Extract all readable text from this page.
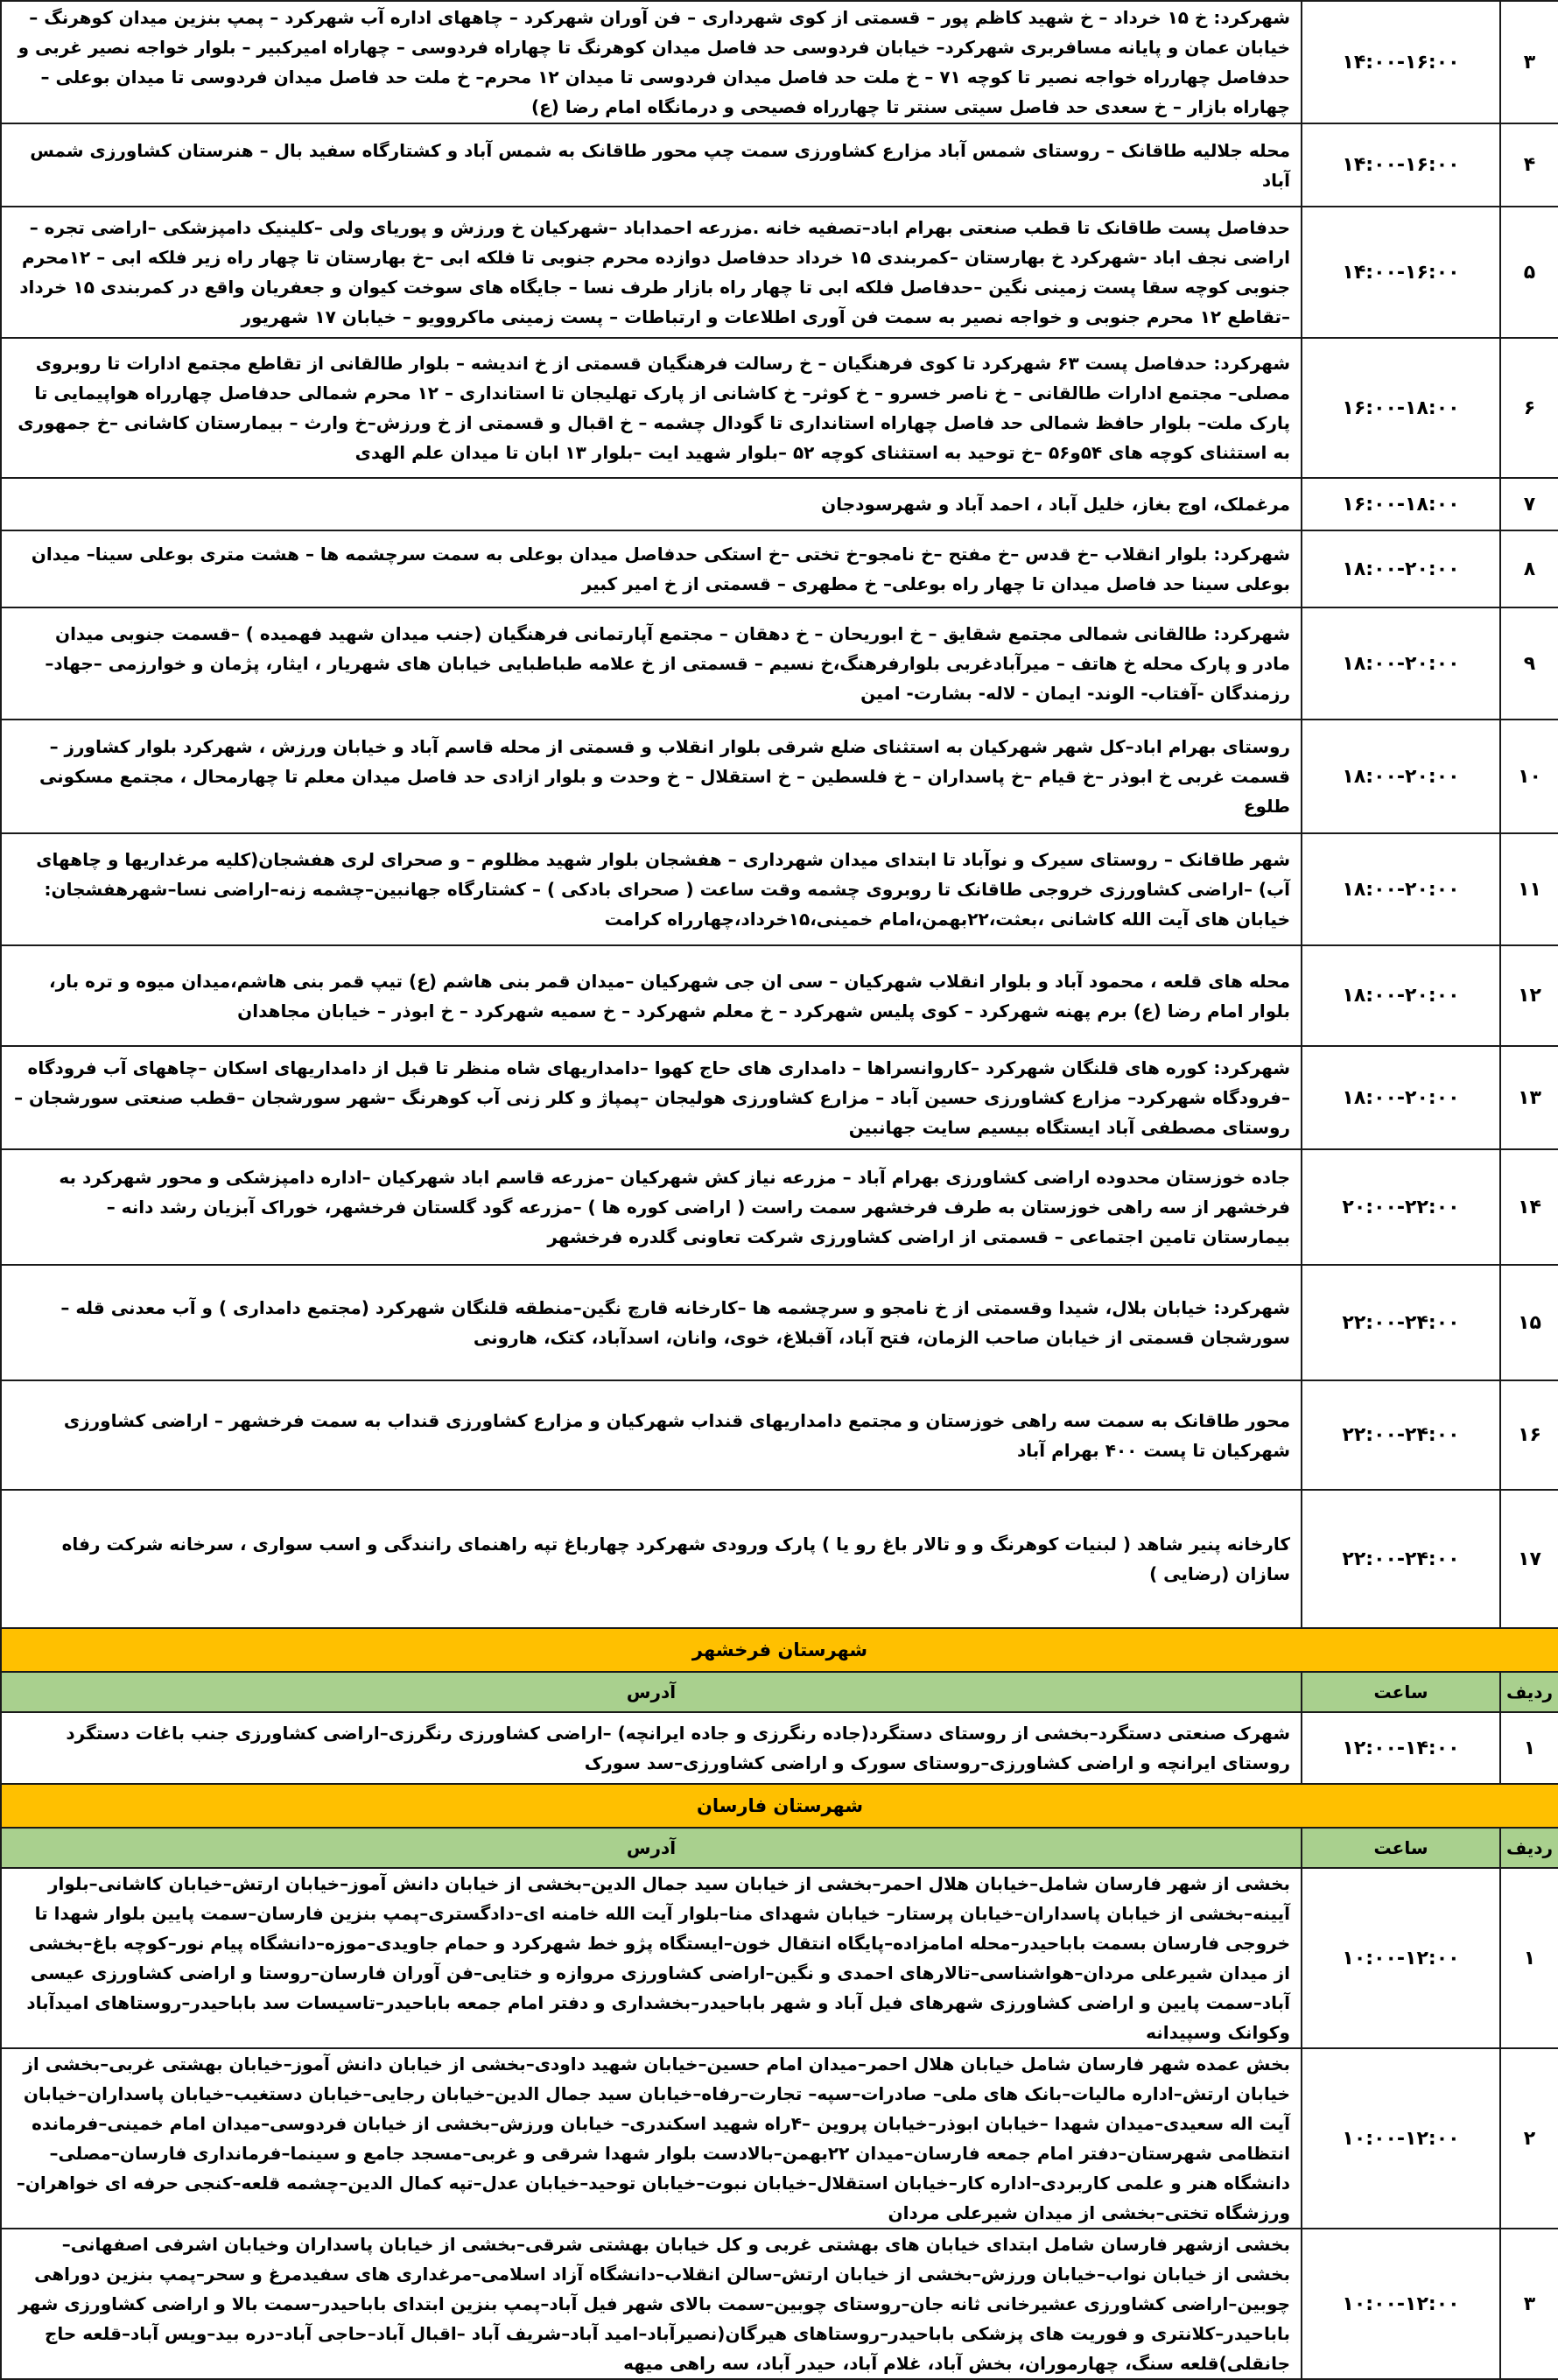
۳	۱۴:۰۰-۱۶:۰۰	شهرکرد: خ ۱۵ خرداد – خ شهید کاظم پور – قسمتی از کوی شهرداری – فن آوران شهرکرد – چاههای اداره آب شهرکرد – پمپ بنزین میدان کوهرنگ –خیابان عمان و پایانه مسافربری شهرکرد– خیابان فردوسی حد فاصل میدان کوهرنگ تا چهاراه فردوسی – چهاراه امیرکبیر – بلوار خواجه نصیر غربی و حدفاصل چهارراه خواجه نصیر تا کوچه ۷۱ – خ ملت حد فاصل میدان فردوسی تا میدان ۱۲ محرم– خ ملت حد فاصل میدان فردوسی تا میدان بوعلی – چهاراه بازار – خ سعدی حد فاصل سیتی سنتر تا چهارراه فصیحی و درمانگاه امام رضا (ع)
۴	۱۴:۰۰-۱۶:۰۰	محله جلالیه طاقانک – روستای شمس آباد مزارع کشاورزی سمت چپ محور طاقانک به شمس آباد و کشتارگاه سفید بال – هنرستان کشاورزی شمس آباد
۵	۱۴:۰۰-۱۶:۰۰	حدفاصل پست طاقانک تا قطب صنعتی بهرام اباد–تصفیه خانه .مزرعه احمداباد –شهرکیان خ ورزش و پوریای ولی –کلینیک دامپزشکی –اراضی تجره –اراضی نجف اباد -شهرکرد خ بهارستان –کمربندی ۱۵ خرداد حدفاصل دوازده محرم جنوبی تا فلکه ابی –خ بهارستان تا چهار راه زیر فلکه ابی – ۱۲محرم جنوبی کوچه سقا پست زمینی نگین –حدفاصل فلکه ابی تا چهار راه بازار طرف نسا – جایگاه های سوخت کیوان و جعفریان واقع در کمربندی ۱۵ خرداد –تقاطع ۱۲ محرم جنوبی و خواجه نصیر به سمت فن آوری اطلاعات و ارتباطات – پست زمینی ماکروویو – خیابان ۱۷ شهریور
۶	۱۶:۰۰-۱۸:۰۰	شهرکرد: حدفاصل پست ۶۳ شهرکرد تا کوی فرهنگیان – خ رسالت فرهنگیان قسمتی از خ اندیشه – بلوار طالقانی از تقاطع مجتمع ادارات تا روبروی مصلی– مجتمع ادارات طالقانی – خ ناصر خسرو – خ کوثر– خ کاشانی از پارک تهلیجان تا استانداری – ۱۲ محرم شمالی حدفاصل چهارراه هواپیمایی تا پارک ملت– بلوار حافظ شمالی حد فاصل چهاراه استانداری تا گودال چشمه – خ اقبال و قسمتی از خ ورزش–خ وارث – بیمارستان کاشانی –خ جمهوری به استثنای کوچه های ۵۴و۵۶ –خ توحید به استثنای کوچه ۵۲ –بلوار شهید ایت –بلوار ۱۳ ابان تا میدان علم الهدی
۷	۱۶:۰۰-۱۸:۰۰	مرغملک، اوج بغاز، خلیل آباد ، احمد آباد و شهرسودجان
۸	۱۸:۰۰-۲۰:۰۰	شهرکرد: بلوار انقلاب –خ قدس –خ مفتح –خ نامجو–خ تختی –خ استکی حدفاصل میدان بوعلی به سمت سرچشمه ها – هشت متری بوعلی سینا– میدان بوعلی سینا حد فاصل میدان تا چهار راه بوعلی– خ مطهری – قسمتی از خ امیر کبیر
۹	۱۸:۰۰-۲۰:۰۰	شهرکرد: طالقانی شمالی مجتمع شقایق – خ ابوریحان – خ دهقان – مجتمع آپارتمانی فرهنگیان (جنب میدان شهید فهمیده ) –قسمت جنوبی میدان مادر و پارک محله خ هاتف – میرآبادغربی بلوارفرهنگ،خ نسیم – قسمتی از خ علامه طباطبایی خیابان های شهریار ، ایثار، پژمان و خوارزمی –جهاد– رزمندگان -آفتاب- الوند- ایمان - لاله- بشارت- امین
۱۰	۱۸:۰۰-۲۰:۰۰	روستای بهرام اباد–کل شهر شهرکیان به استثنای ضلع شرقی بلوار انقلاب و قسمتی از محله قاسم آباد و خیابان ورزش ، شهرکرد بلوار کشاورز – قسمت غربی خ ابوذر –خ قیام –خ پاسداران – خ فلسطین – خ استقلال – خ وحدت و بلوار ازادی حد فاصل میدان معلم تا چهارمحال ، مجتمع مسکونی طلوع
۱۱	۱۸:۰۰-۲۰:۰۰	شهر طاقانک – روستای سیرک و نوآباد تا ابتدای میدان شهرداری – هفشجان بلوار شهید مظلوم – و صحرای لری هفشجان(کلیه مرغداریها و چاههای آب) –اراضی کشاورزی خروجی طاقانک تا روبروی چشمه وقت ساعت ( صحرای بادکی ) – کشتارگاه جهانبین–چشمه زنه–اراضی نسا–شهرهفشجان: خیابان های آیت الله کاشانی ،بعثت،۲۲بهمن،امام خمینی،۱۵خرداد،چهارراه کرامت
۱۲	۱۸:۰۰-۲۰:۰۰	محله های قلعه ، محمود آباد و بلوار انقلاب شهرکیان – سی ان جی شهرکیان –میدان قمر بنی هاشم (ع) تیپ قمر بنی هاشم،میدان میوه و تره بار، بلوار امام رضا (ع) برم پهنه شهرکرد – کوی پلیس شهرکرد – خ معلم شهرکرد – خ سمیه شهرکرد – خ ابوذر – خیابان مجاهدان
۱۳	۱۸:۰۰-۲۰:۰۰	شهرکرد: کوره های قلنگان شهرکرد –کاروانسراها – دامداری های حاج کهوا –دامداریهای شاه منظر تا قبل از دامداریهای اسکان –چاههای آب فرودگاه –فرودگاه شهرکرد– مزارع کشاورزی حسین آباد – مزارع کشاورزی هولیجان –پمپاژ و کلر زنی آب کوهرنگ –شهر سورشجان –قطب صنعتی سورشجان – روستای مصطفی آباد ایستگاه بیسیم سایت جهانبین
۱۴	۲۰:۰۰-۲۲:۰۰	جاده خوزستان محدوده اراضی کشاورزی بهرام آباد – مزرعه نیاز کش شهرکیان –مزرعه قاسم اباد شهرکیان –اداره دامپزشکی و محور شهرکرد به فرخشهر از سه راهی خوزستان به طرف فرخشهر سمت راست ( اراضی کوره ها ) –مزرعه گود گلستان فرخشهر، خوراک آبزیان رشد دانه – بیمارستان تامین اجتماعی – قسمتی از اراضی کشاورزی شرکت تعاونی گلدره فرخشهر
۱۵	۲۲:۰۰-۲۴:۰۰	شهرکرد: خیابان بلال، شیدا وقسمتی از خ نامجو و سرچشمه ها –کارخانه قارچ نگین–منطقه قلنگان شهرکرد (مجتمع دامداری ) و آب معدنی قله –سورشجان قسمتی از خیابان صاحب الزمان، فتح آباد، آقبلاغ، خوی، وانان، اسدآباد، کتک، هارونی
۱۶	۲۲:۰۰-۲۴:۰۰	محور طاقانک به سمت سه راهی خوزستان و مجتمع دامداریهای قنداب شهرکیان و مزارع کشاورزی قنداب به سمت فرخشهر – اراضی کشاورزی شهرکیان تا پست ۴۰۰ بهرام آباد
۱۷	۲۲:۰۰-۲۴:۰۰	کارخانه پنیر شاهد ( لبنیات کوهرنگ و و تالار باغ رو یا ) پارک ورودی شهرکرد چهارباغ تپه راهنمای رانندگی و اسب سواری ، سرخانه شرکت رفاه سازان (رضایی )
شهرستان فرخشهر		
ردیف	ساعت	آدرس
۱	۱۲:۰۰-۱۴:۰۰	شهرک صنعتی دستگرد–بخشی از روستای دستگرد(جاده رنگرزی و جاده ایرانچه) –اراضی کشاورزی رنگرزی–اراضی کشاورزی جنب باغات دستگرد روستای ایرانچه و اراضی کشاورزی–روستای سورک و اراضی کشاورزی–سد سورک
شهرستان فارسان		
ردیف	ساعت	آدرس
۱	۱۰:۰۰-۱۲:۰۰	بخشی از شهر فارسان شامل–خیابان هلال احمر–بخشی از خیابان سید جمال الدین–بخشی از خیابان دانش آموز–خیابان ارتش–خیابان کاشانی–بلوار آیینه–بخشی از خیابان پاسداران–خیابان پرستار– خیابان شهدای منا–بلوار آیت الله خامنه ای–دادگستری–پمپ بنزین فارسان–سمت پایین بلوار شهدا تا خروجی فارسان بسمت باباحیدر–محله امامزاده–پایگاه انتقال خون–ایستگاه پژو خط شهرکرد و حمام جاویدی–موزه–دانشگاه پیام نور–کوچه باغ–بخشی از میدان شیرعلی مردان–هواشناسی–تالارهای احمدی و نگین–اراضی کشاورزی مروازه و ختایی–فن آوران فارسان–روستا و اراضی کشاورزی عیسی آباد–سمت پایین و اراضی کشاورزی شهرهای فیل آباد و شهر باباحیدر–بخشداری و دفتر امام جمعه باباحیدر–تاسیسات سد باباحیدر–روستاهای امیدآباد وکوانک وسپیدانه
۲	۱۰:۰۰-۱۲:۰۰	بخش عمده شهر فارسان شامل خیابان هلال احمر–میدان امام حسین–خیابان شهید داودی–بخشی از خیابان دانش آموز–خیابان بهشتی غربی–بخشی از خیابان ارتش–اداره مالیات–بانک های ملی– صادرات–سپه– تجارت–رفاه–خیابان سید جمال الدین–خیابان رجایی–خیابان دستغیب–خیابان پاسداران–خیابان آیت اله سعیدی–میدان شهدا –خیابان ابوذر–خیابان پروین –۴راه شهید اسکندری– خیابان ورزش–بخشی از خیابان فردوسی–میدان امام خمینی–فرمانده انتظامی شهرستان–دفتر امام جمعه فارسان–میدان ۲۲بهمن–بالادست بلوار شهدا شرقی و غربی–مسجد جامع و سینما–فرمانداری فارسان–مصلی–دانشگاه هنر و علمی کاربردی–اداره کار–خیابان استقلال–خیابان نبوت–خیابان توحید–خیابان عدل–تپه کمال الدین–چشمه قلعه–کنجی حرفه ای خواهران–ورزشگاه تختی–بخشی از میدان شیرعلی مردان
۳	۱۰:۰۰-۱۲:۰۰	بخشی ازشهر فارسان شامل ابتدای خیابان های بهشتی غربی و کل خیابان بهشتی شرقی–بخشی از خیابان پاسداران وخیابان اشرفی اصفهانی–بخشی از خیابان نواب–خیابان ورزش–بخشی از خیابان ارتش–سالن انقلاب–دانشگاه آزاد اسلامی–مرغداری های سفیدمرغ و سحر–پمپ بنزین دوراهی چوبین–اراضی کشاورزی عشیرخانی ثانه جان–روستای چوبین–سمت بالای شهر فیل آباد–پمپ بنزین ابتدای باباحیدر–سمت بالا و اراضی کشاورزی شهر باباحیدر–کلانتری و فوریت های پزشکی باباحیدر–روستاهای هیرگان(نصیرآباد–امید آباد–شریف آباد –اقبال آباد–حاجی آباد–دره بید–ویس آباد–قلعه حاج جانقلی)قلعه سنگ، چهارموران، بخش آباد، غلام آباد، حیدر آباد، سه راهی میهه
